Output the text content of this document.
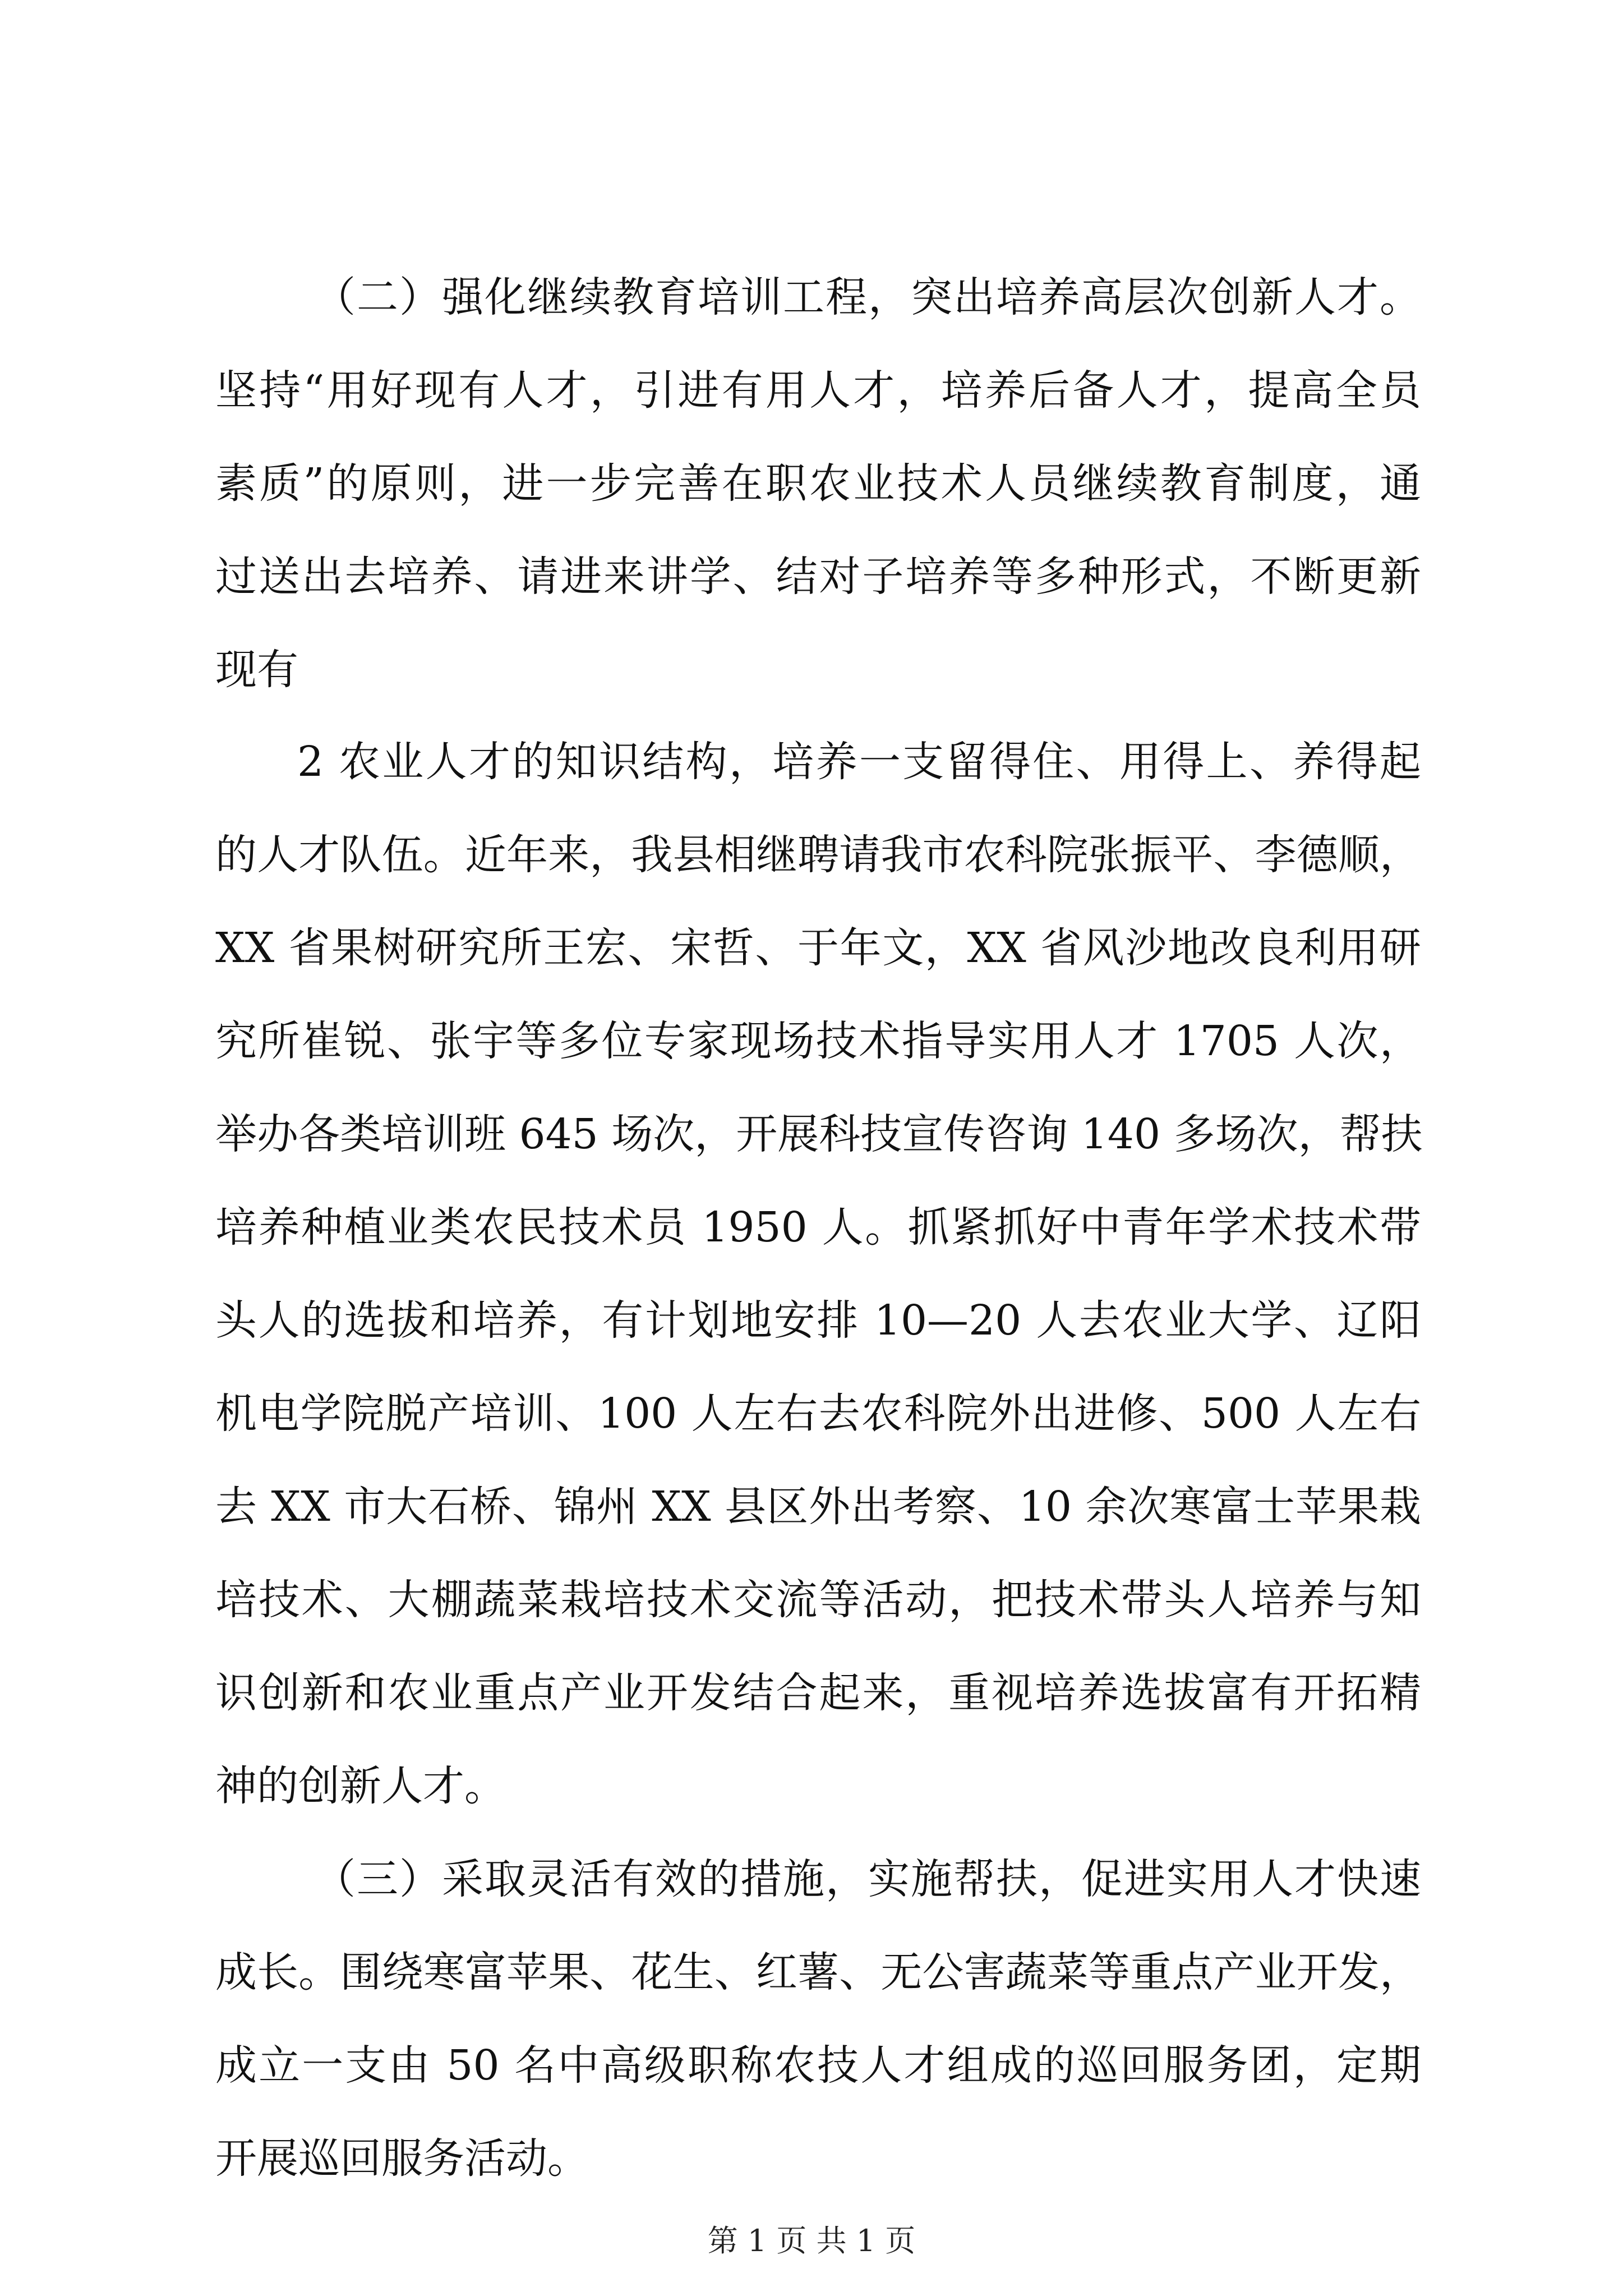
（二）强化继续教育培训工程，突出培养高层次创新人才。
坚持“用好现有人才，引进有用人才，培养后备人才，提高全员
素质”的原则，进一步完善在职农业技术人员继续教育制度，通
过送出去培养、请进来讲学、结对子培养等多种形式，不断更新
现有
2 农业人才的知识结构，培养一支留得住、用得上、养得起
的人才队伍。近年来，我县相继聘请我市农科院张振平、李德顺，
XX 省果树研究所王宏、宋哲、于年文，XX 省风沙地改良利用研
究所崔锐、张宇等多位专家现场技术指导实用人才 1705 人次，
举办各类培训班 645 场次，开展科技宣传咨询 140 多场次，帮扶
培养种植业类农民技术员 1950 人。抓紧抓好中青年学术技术带
头人的选拔和培养，有计划地安排 10—20 人去农业大学、辽阳
机电学院脱产培训、100 人左右去农科院外出进修、500 人左右
去 XX 市大石桥、锦州 XX 县区外出考察、10 余次寒富士苹果栽
培技术、大棚蔬菜栽培技术交流等活动，把技术带头人培养与知
识创新和农业重点产业开发结合起来，重视培养选拔富有开拓精
神的创新人才。
（三）采取灵活有效的措施，实施帮扶，促进实用人才快速
成长。围绕寒富苹果、花生、红薯、无公害蔬菜等重点产业开发，
成立一支由 50 名中高级职称农技人才组成的巡回服务团，定期
开展巡回服务活动。
第 1 页 共 1 页
